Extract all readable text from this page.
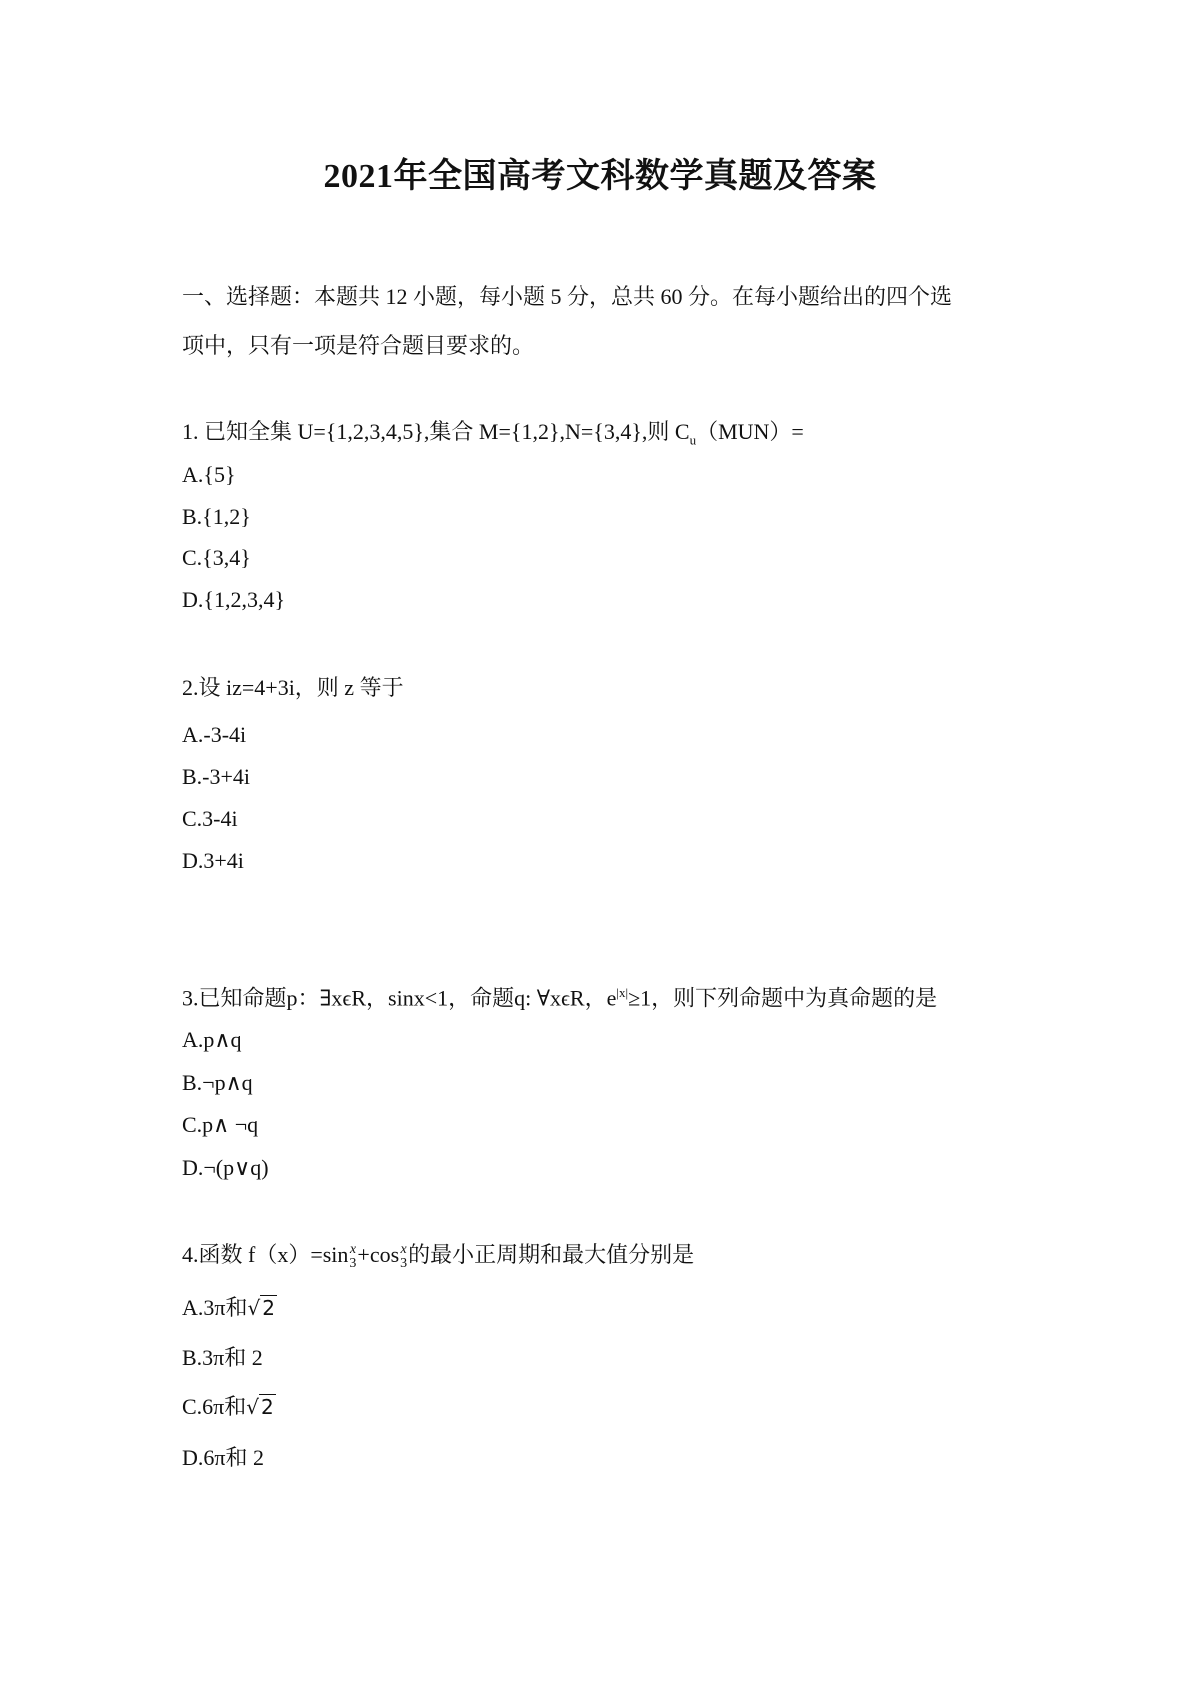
2021年全国高考文科数学真题及答案
一、选择题：本题共 12 小题，每小题 5 分，总共 60 分。在每小题给出的四个选
项中，只有一项是符合题目要求的。
1. 已知全集 U={1,2,3,4,5},集合 M={1,2},N={3,4},则 $C_u(MUN)=$
A.{5}
B.{1,2}
C.{3,4}
D.{1,2,3,4}
2.设 iz=4+3i，则 z 等于
A.-3-4i
B.-3+4i
C.3-4i
D.3+4i
3.已知命题p：∃xϵR，sinx<1，命题q: ∀xϵR，$e^{|x|}\ge 1$，则下列命题中为真命题的是
A.p∧q
B.¬p∧q
C.p∧ ¬q
D.¬(p∨q)
4.函数 f（x）=sin x
3 +cos x
3 的最小正周期和最大值分别是
A.3π和√ 2
B.3π和 2
C.6π和√ 2
D.6π和 2
